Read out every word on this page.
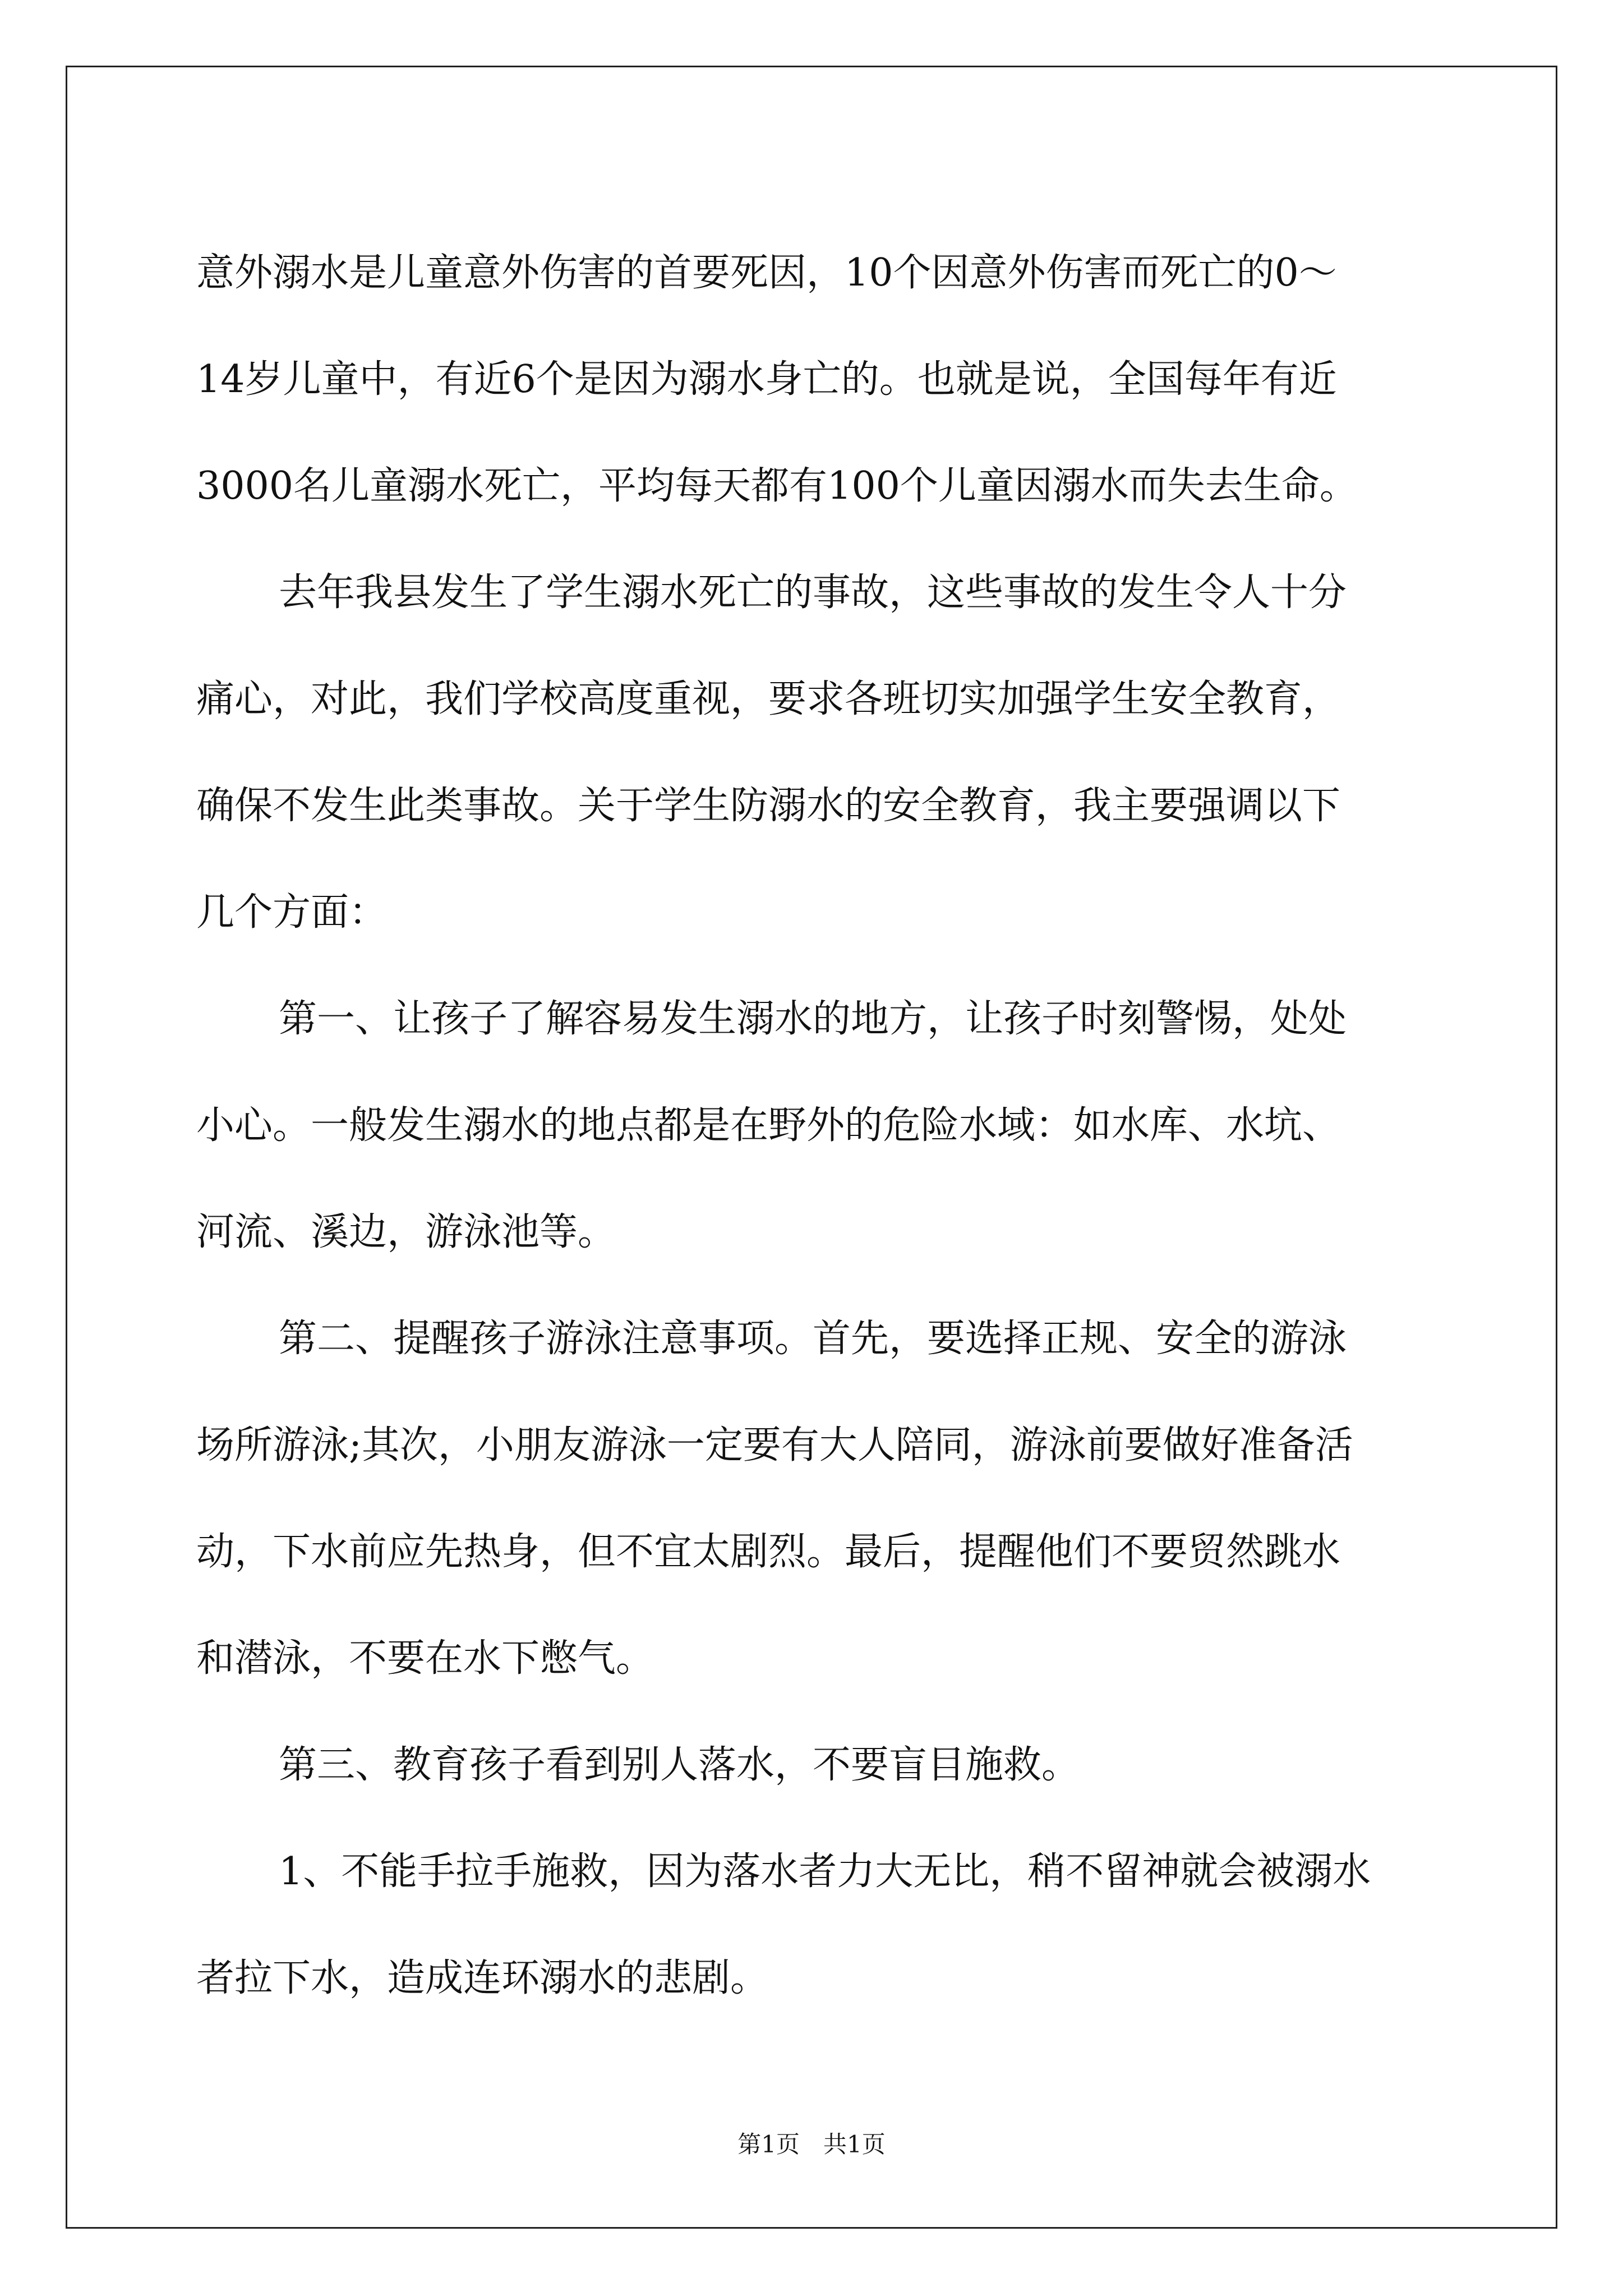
意外溺水是儿童意外伤害的首要死因，10个因意外伤害而死亡的0～
14岁儿童中，有近6个是因为溺水身亡的。也就是说，全国每年有近
3000名儿童溺水死亡，平均每天都有100个儿童因溺水而失去生命。
去年我县发生了学生溺水死亡的事故，这些事故的发生令人十分
痛心，对此，我们学校高度重视，要求各班切实加强学生安全教育，
确保不发生此类事故。关于学生防溺水的安全教育，我主要强调以下
几个方面：
第一、让孩子了解容易发生溺水的地方，让孩子时刻警惕，处处
小心。一般发生溺水的地点都是在野外的危险水域：如水库、水坑、
河流、溪边，游泳池等。
第二、提醒孩子游泳注意事项。首先，要选择正规、安全的游泳
场所游泳;其次，小朋友游泳一定要有大人陪同，游泳前要做好准备活
动，下水前应先热身，但不宜太剧烈。最后，提醒他们不要贸然跳水
和潜泳，不要在水下憋气。
第三、教育孩子看到别人落水，不要盲目施救。
1、不能手拉手施救，因为落水者力大无比，稍不留神就会被溺水
者拉下水，造成连环溺水的悲剧。
第1页　共1页
